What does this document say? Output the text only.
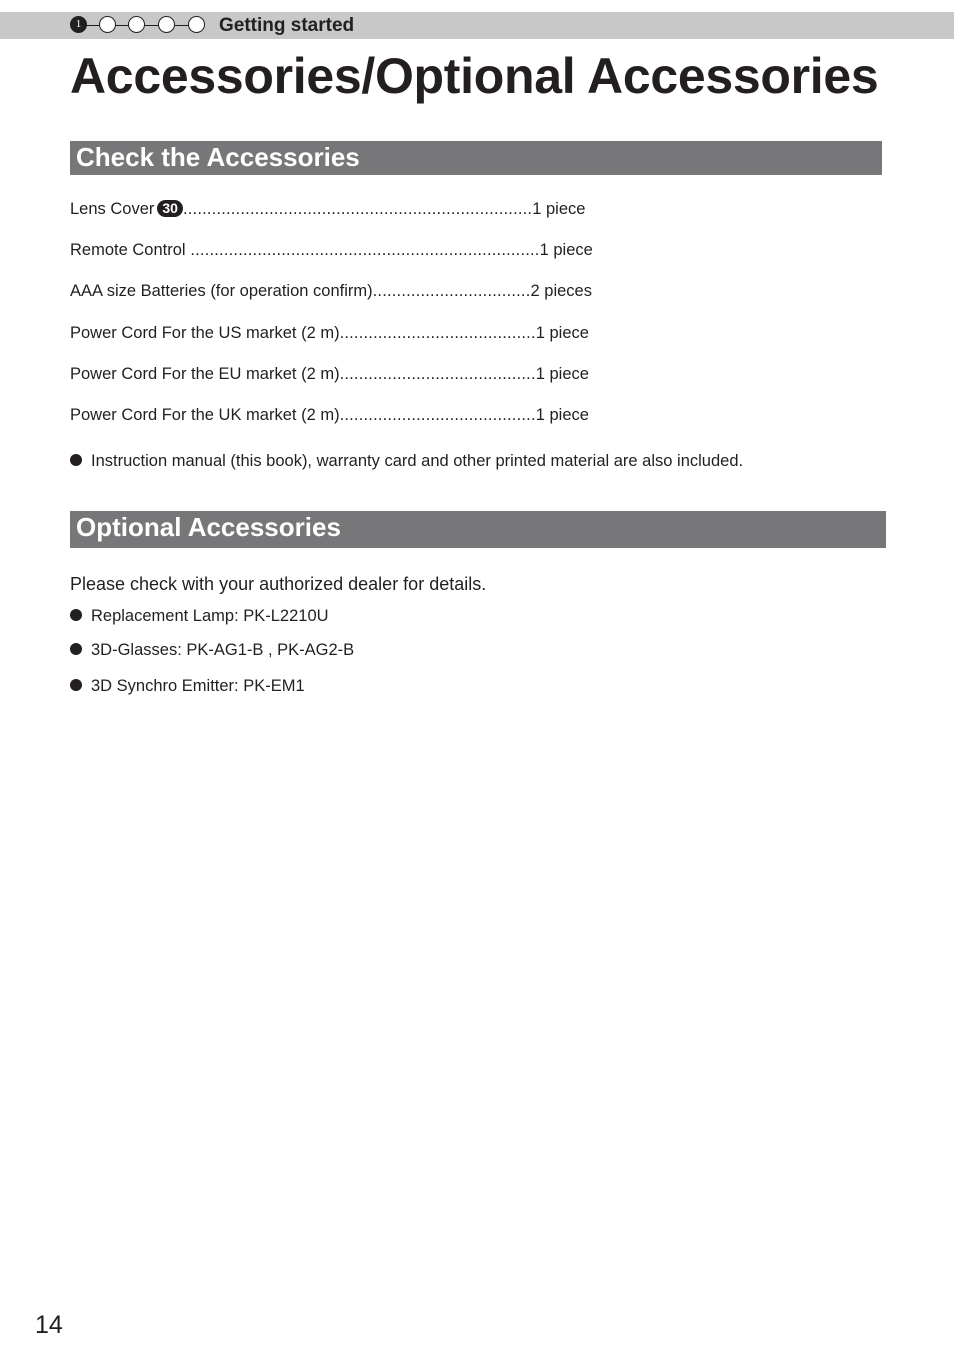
1	Getting started
Accessories/Optional Accessories
Check the Accessories
Lens Cover 30 .........................................................................1 piece
Remote Control .........................................................................1 piece
AAA size Batteries (for operation confirm).................................2 pieces
Power Cord For the US market (2 m).........................................1 piece
Power Cord For the EU market (2 m).........................................1 piece
Power Cord For the UK market (2 m).........................................1 piece
Instruction manual (this book), warranty card and other printed material are also included.
Optional Accessories
Please check with your authorized dealer for details.
Replacement Lamp: PK-L2210U
3D-Glasses: PK-AG1-B , PK-AG2-B
3D Synchro Emitter: PK-EM1
14
